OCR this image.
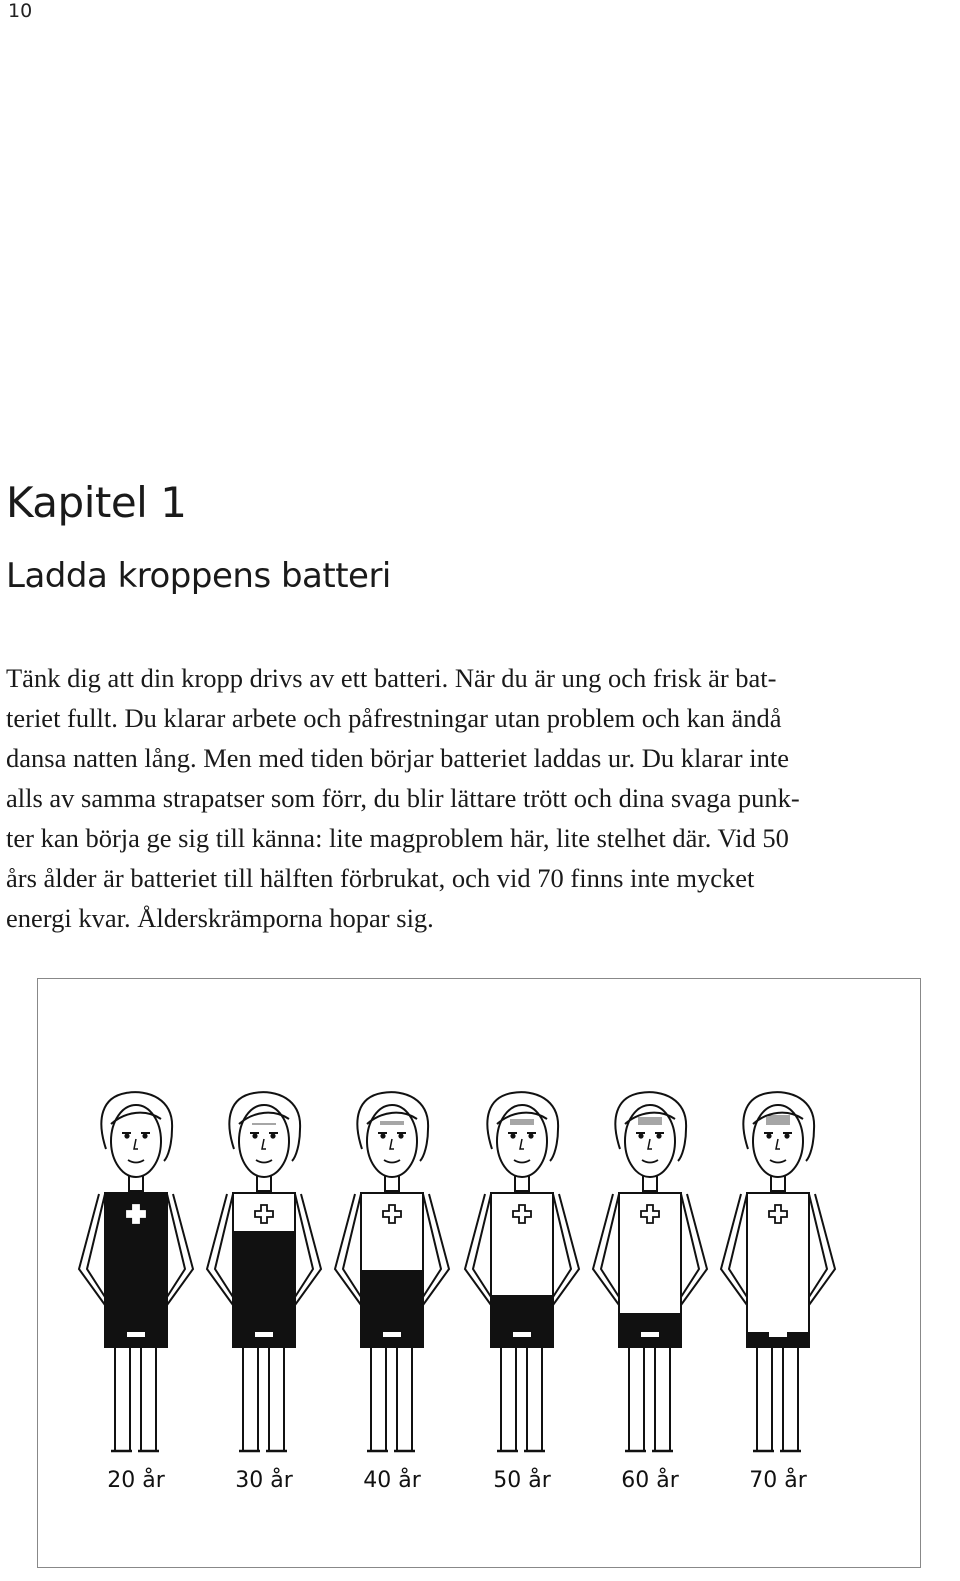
10
Kapitel 1
Ladda kroppens batteri

Tänk dig att din kropp drivs av ett batteri. När du är ung och frisk är bat-
teriet fullt. Du klarar arbete och påfrestningar utan problem och kan ändå
dansa natten lång. Men med tiden börjar batteriet laddas ur. Du klarar inte
alls av samma strapatser som förr, du blir lättare trött och dina svaga punk-
ter kan börja ge sig till känna: lite magproblem här, lite stelhet där. Vid 50
års ålder är batteriet till hälften förbrukat, och vid 70 finns inte mycket
energi kvar. Ålderskrämporna hopar sig.

20 år	30 år	40 år	50 år	60 år	70 år
